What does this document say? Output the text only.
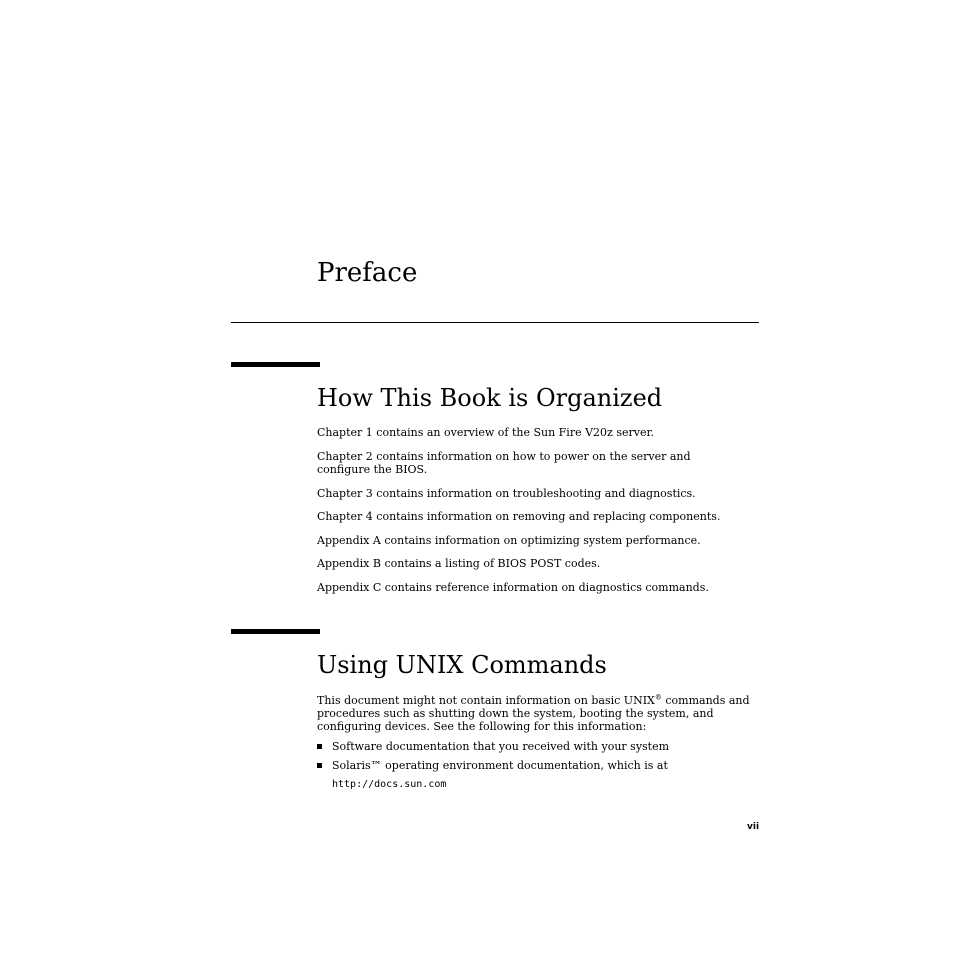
Preface
How This Book is Organized

Chapter 1 contains an overview of the Sun Fire V20z server.

Chapter 2 contains information on how to power on the server and configure the BIOS.

Chapter 3 contains information on troubleshooting and diagnostics.

Chapter 4 contains information on removing and replacing components.

Appendix A contains information on optimizing system performance.

Appendix B contains a listing of BIOS POST codes.

Appendix C contains reference information on diagnostics commands.

Using UNIX Commands

This document might not contain information on basic UNIX® commands and procedures such as shutting down the system, booting the system, and configuring devices. See the following for this information:

Software documentation that you received with your system
Solaris™ operating environment documentation, which is at
http://docs.sun.com
vii
